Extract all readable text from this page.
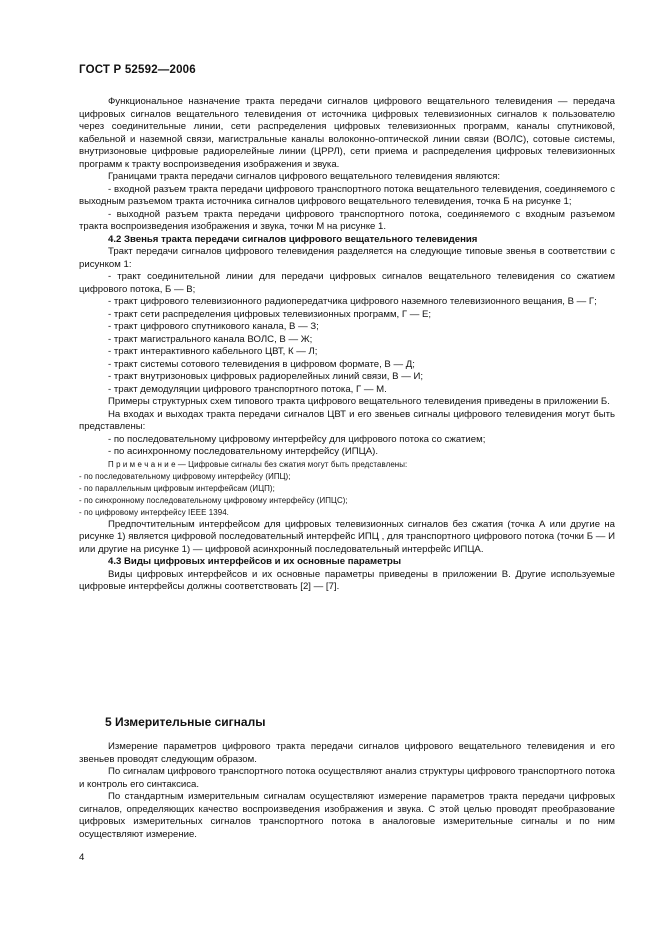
ГОСТ Р 52592—2006

Функциональное назначение тракта передачи сигналов цифрового вещательного телевидения — передача цифровых сигналов вещательного телевидения от источника цифровых телевизионных сигналов к пользователю через соединительные линии, сети распределения цифровых телевизионных программ, каналы спутниковой, кабельной и наземной связи, магистральные каналы волоконно-оптической линии связи (ВОЛС), сотовые системы, внутризоновые цифровые радиорелейные линии (ЦРРЛ), сети приема и распределения цифровых телевизионных программ к тракту воспроизведения изображения и звука.

Границами тракта передачи сигналов цифрового вещательного телевидения являются:

- входной разъем тракта передачи цифрового транспортного потока вещательного телевидения, соединяемого с выходным разъемом тракта источника сигналов цифрового вещательного телевидения, точка Б на рисунке 1;

- выходной разъем тракта передачи цифрового транспортного потока, соединяемого с входным разъемом тракта воспроизведения изображения и звука, точки М на рисунке 1.

4.2 Звенья тракта передачи сигналов цифрового вещательного телевидения

Тракт передачи сигналов цифрового телевидения разделяется на следующие типовые звенья в соответствии с рисунком 1:

- тракт соединительной линии для передачи цифровых сигналов вещательного телевидения со сжатием цифрового потока, Б — В;

- тракт цифрового телевизионного радиопередатчика цифрового наземного телевизионного вещания, В — Г;

- тракт сети распределения цифровых телевизионных программ, Г — Е;

- тракт цифрового спутникового канала, В — З;

- тракт магистрального канала ВОЛС, В — Ж;

- тракт интерактивного кабельного ЦВТ, К — Л;

- тракт системы сотового телевидения в цифровом формате, В — Д;

- тракт внутризоновых цифровых радиорелейных линий связи, В — И;

- тракт демодуляции цифрового транспортного потока, Г — М.

Примеры структурных схем типового тракта цифрового вещательного телевидения приведены в приложении Б.

На входах и выходах тракта передачи сигналов ЦВТ и его звеньев сигналы цифрового телевидения могут быть представлены:

- по последовательному цифровому интерфейсу для цифрового потока со сжатием;

- по асинхронному последовательному интерфейсу (ИПЦА).

П р и м е ч а н и е — Цифровые сигналы без сжатия могут быть представлены:

- по последовательному цифровому интерфейсу (ИПЦ);

- по параллельным цифровым интерфейсам (ИЦП);

- по синхронному последовательному цифровому интерфейсу (ИПЦС);

- по цифровому интерфейсу IEEE 1394.

Предпочтительным интерфейсом для цифровых телевизионных сигналов без сжатия (точка А или другие на рисунке 1) является цифровой последовательный интерфейс ИПЦ , для транспортного цифрового потока (точки Б — И или другие на рисунке 1) — цифровой асинхронный последовательный интерфейс ИПЦА.

4.3 Виды цифровых интерфейсов и их основные параметры

Виды цифровых интерфейсов и их основные параметры приведены в приложении В. Другие используемые цифровые интерфейсы должны соответствовать [2] — [7].

5 Измерительные сигналы

Измерение параметров цифрового тракта передачи сигналов цифрового вещательного телевидения и его звеньев проводят следующим образом.

По сигналам цифрового транспортного потока осуществляют анализ структуры цифрового транспортного потока и контроль его синтаксиса.

По стандартным измерительным сигналам осуществляют измерение параметров тракта передачи цифровых сигналов, определяющих качество воспроизведения изображения и звука. С этой целью проводят преобразование цифровых измерительных сигналов транспортного потока в аналоговые измерительные сигналы и по ним осуществляют измерение.

4
